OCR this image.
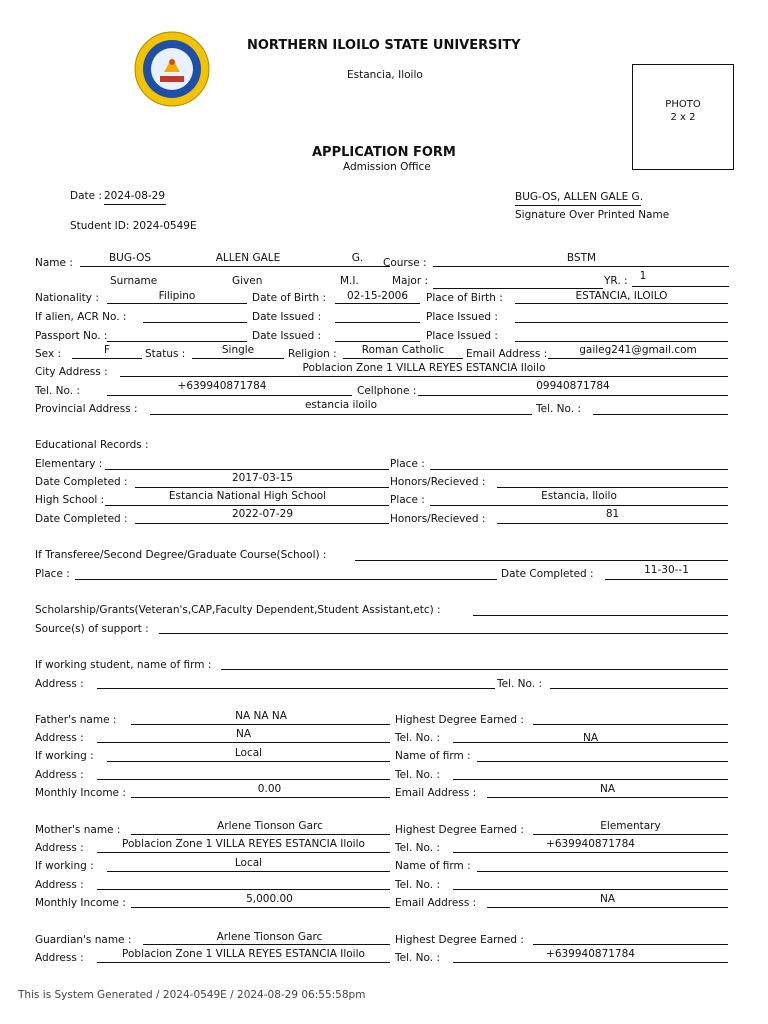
NORTHERN ILOILO STATE UNIVERSITY
Estancia, Iloilo
PHOTO
2 x 2
APPLICATION FORM
Admission Office
Date : 2024-08-29
Student ID: 2024-0549E
BUG-OS, ALLEN GALE G.
Signature Over Printed Name
Name :	BUG-OS	ALLEN GALE	G.	Course :	BSTM
Surname	Given	M.I.	Major :	YR. :	1
Nationality :	Filipino	Date of Birth :	02-15-2006	Place of Birth :	ESTANCIA, ILOILO
If alien, ACR No. :	Date Issued :	Place Issued :
Passport No. :	Date Issued :	Place Issued :
Sex :	F	Status :	Single	Religion :	Roman Catholic	Email Address :	gaileg241@gmail.com
City Address :	Poblacion Zone 1 VILLA REYES ESTANCIA Iloilo
Tel. No. :	+639940871784	Cellphone :	09940871784
Provincial Address :	estancia iloilo	Tel. No. :
Educational Records :
Elementary :	Place :
Date Completed :	2017-03-15	Honors/Recieved :
High School :	Estancia National High School	Place :	Estancia, Iloilo
Date Completed :	2022-07-29	Honors/Recieved :	81
If Transferee/Second Degree/Graduate Course(School) :
Place :	Date Completed :	11-30--1
Scholarship/Grants(Veteran's,CAP,Faculty Dependent,Student Assistant,etc) :
Source(s) of support :
If working student, name of firm :
Address :	Tel. No. :
Father's name :	NA NA NA	Highest Degree Earned :
Address :	NA	Tel. No. :	NA
If working :	Local	Name of firm :
Address :	Tel. No. :
Monthly Income :	0.00	Email Address :	NA
Mother's name :	Arlene Tionson Garc	Highest Degree Earned :	Elementary
Address :	Poblacion Zone 1 VILLA REYES ESTANCIA Iloilo	Tel. No. :	+639940871784
If working :	Local	Name of firm :
Address :	Tel. No. :
Monthly Income :	5,000.00	Email Address :	NA
Guardian's name :	Arlene Tionson Garc	Highest Degree Earned :
Address :	Poblacion Zone 1 VILLA REYES ESTANCIA Iloilo	Tel. No. :	+639940871784
This is System Generated / 2024-0549E / 2024-08-29 06:55:58pm
